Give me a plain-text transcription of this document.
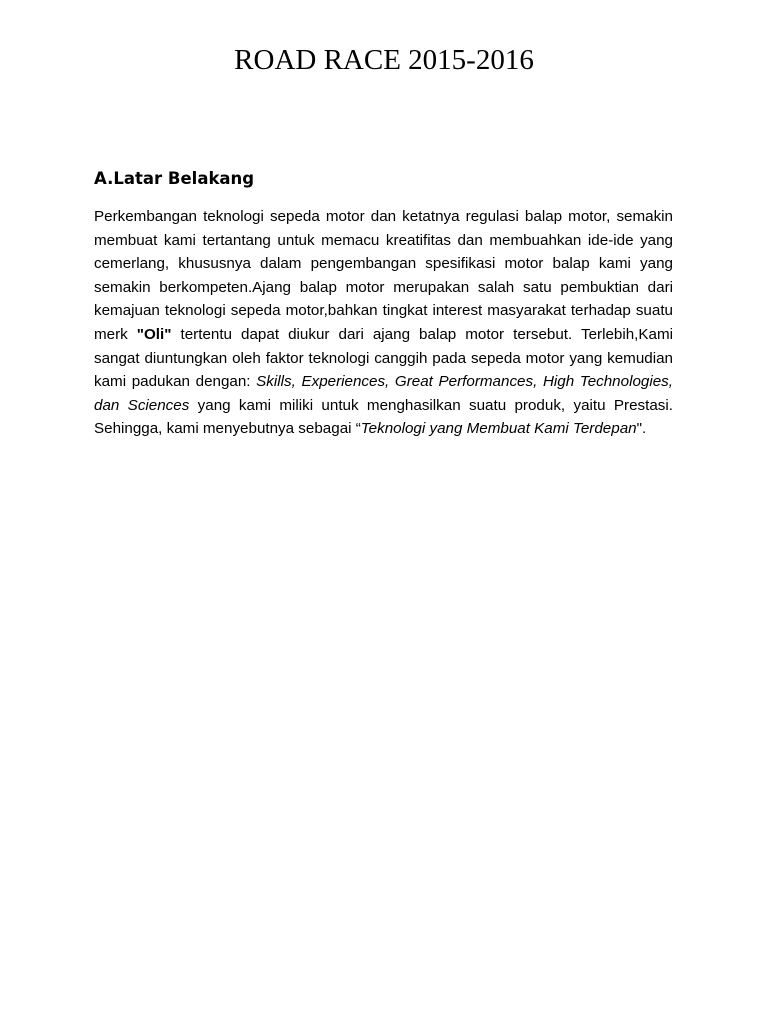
ROAD RACE 2015-2016
A.Latar Belakang

Perkembangan teknologi sepeda motor dan ketatnya regulasi balap motor, semakin membuat kami tertantang untuk memacu kreatifitas dan membuahkan ide-ide yang cemerlang, khususnya dalam pengembangan spesifikasi motor balap kami yang semakin berkompeten.Ajang balap motor merupakan salah satu pembuktian dari kemajuan teknologi sepeda motor,bahkan tingkat interest masyarakat terhadap suatu merk "Oli" tertentu dapat diukur dari ajang balap motor tersebut. Terlebih,Kami sangat diuntungkan oleh faktor teknologi canggih pada sepeda motor yang kemudian kami padukan dengan: Skills, Experiences, Great Performances, High Technologies, dan Sciences yang kami miliki untuk menghasilkan suatu produk, yaitu Prestasi. Sehingga, kami menyebutnya sebagai “Teknologi yang Membuat Kami Terdepan".
